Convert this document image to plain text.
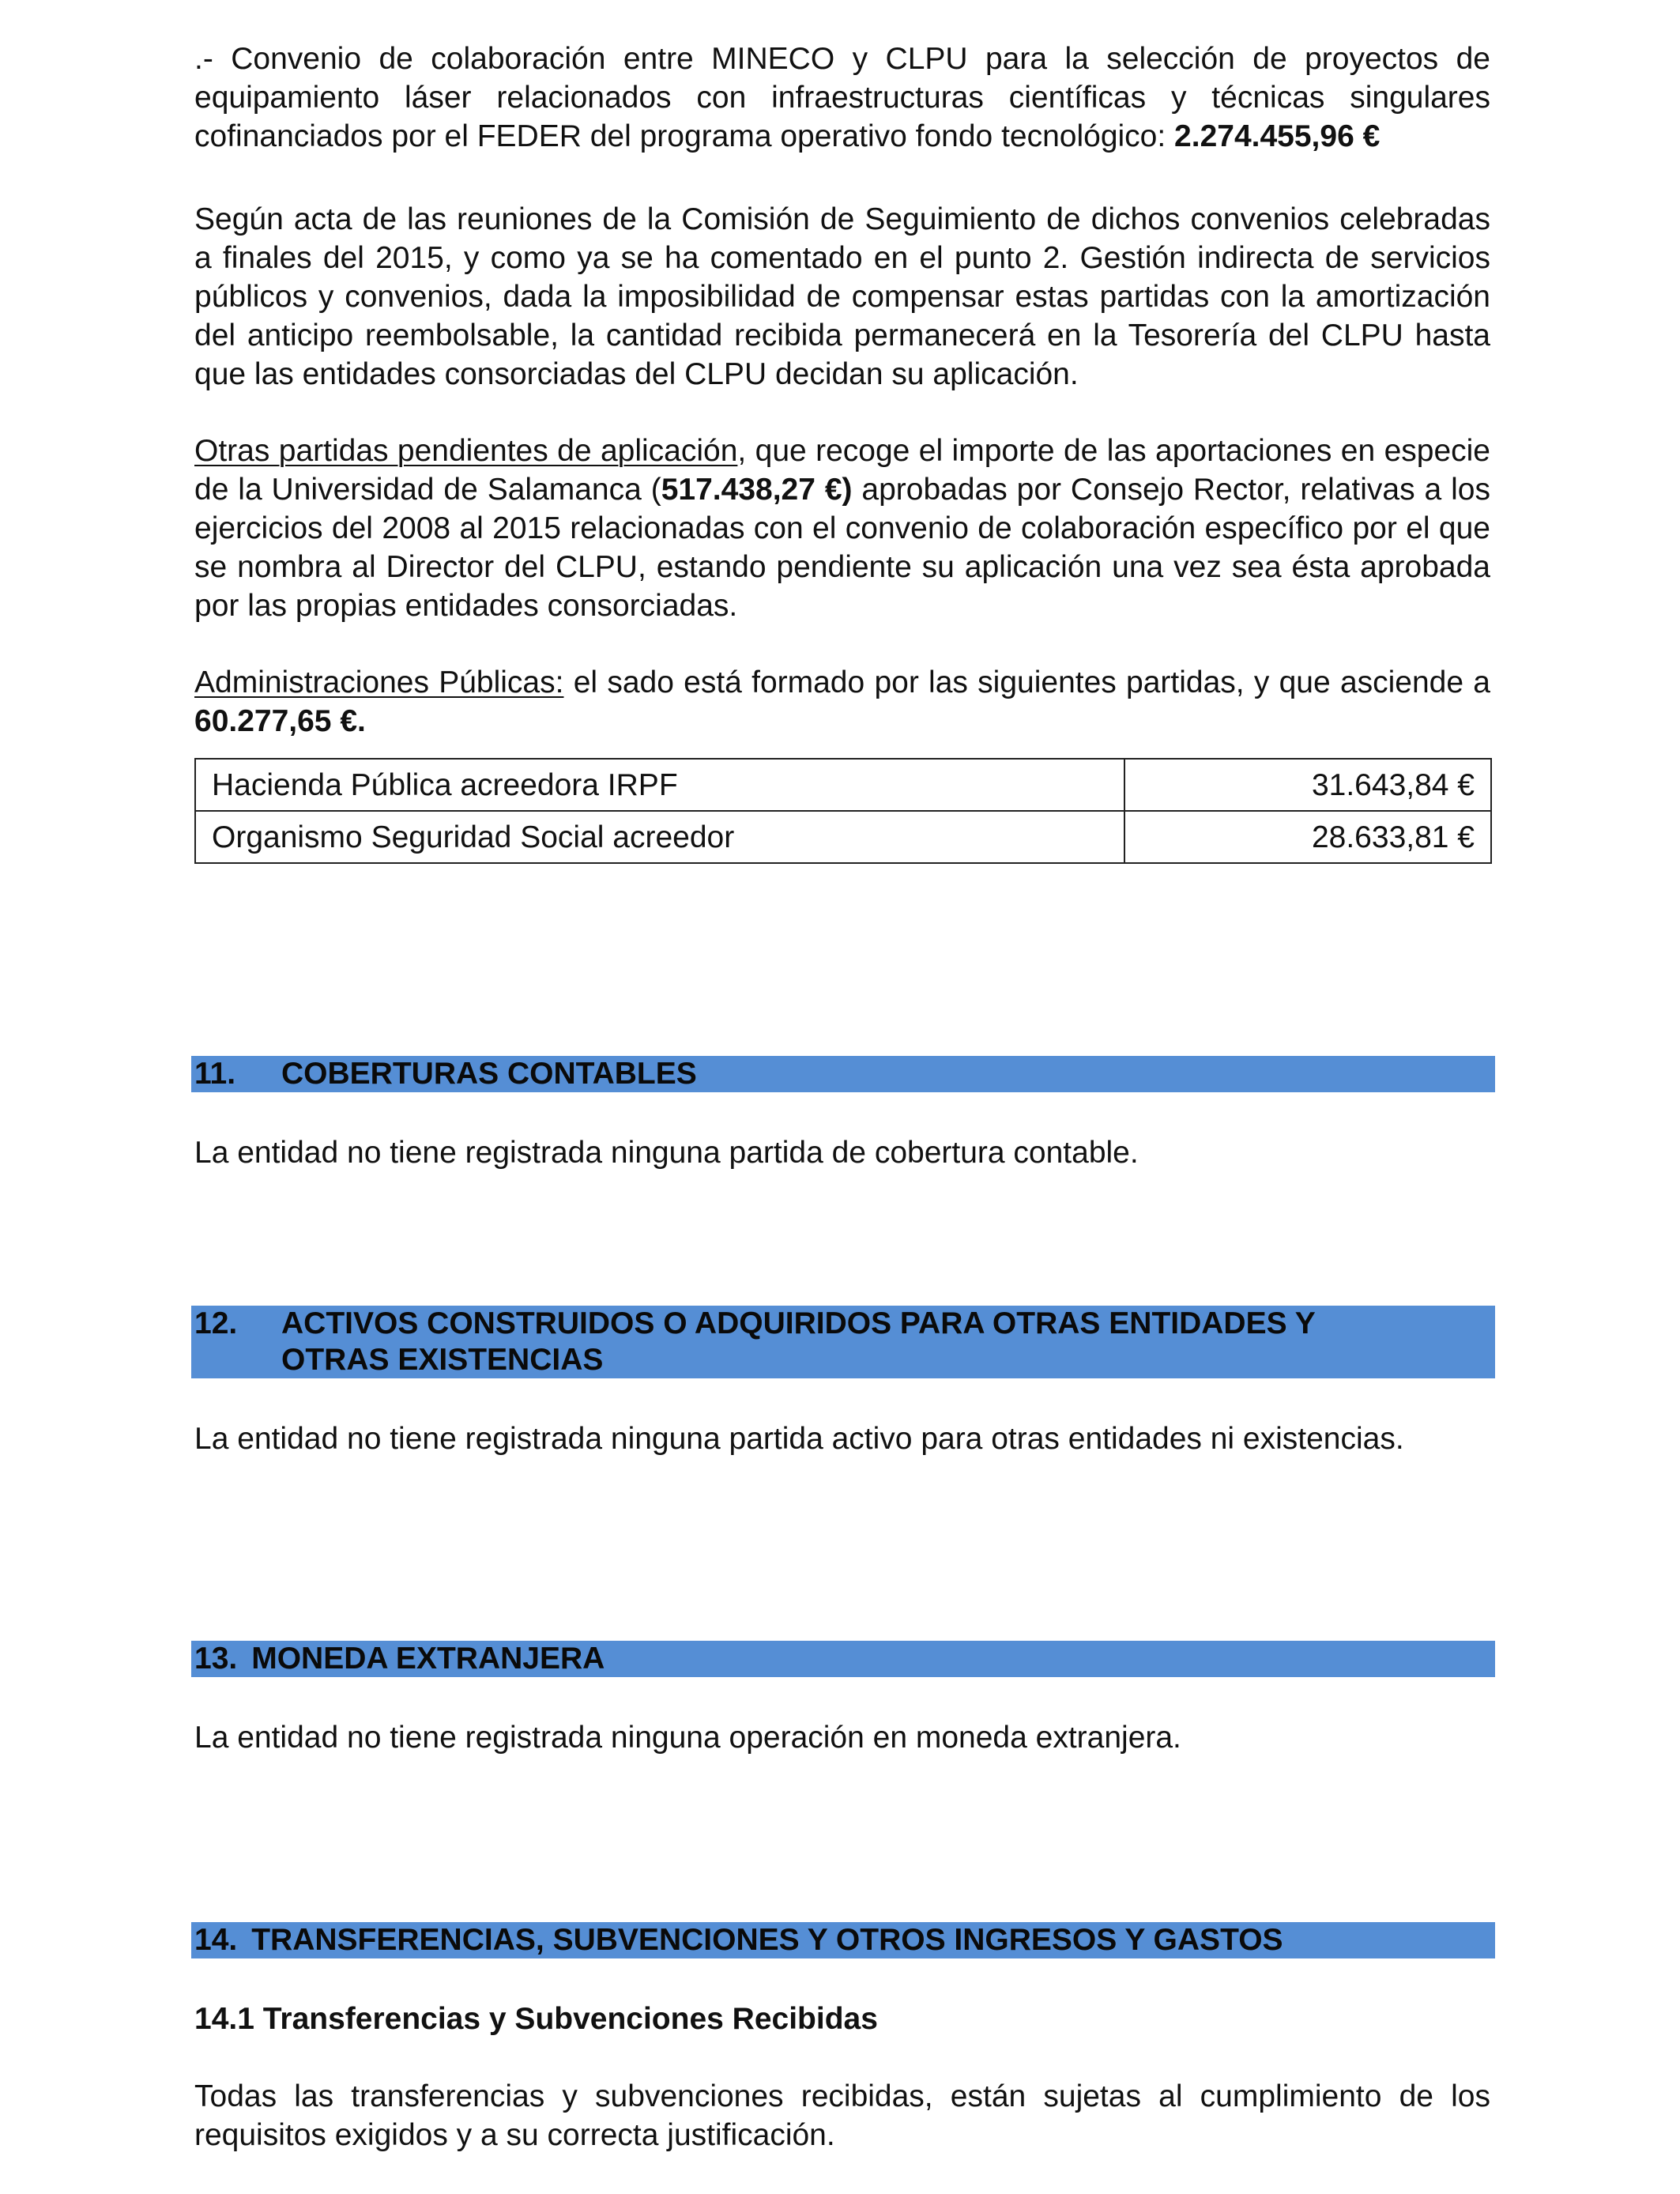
.- Convenio de colaboración entre MINECO y CLPU para la selección de proyectos de equipamiento láser relacionados con infraestructuras científicas y técnicas singulares cofinanciados por el FEDER del programa operativo fondo tecnológico: 2.274.455,96 €

Según acta de las reuniones de la Comisión de Seguimiento de dichos convenios celebradas a finales del 2015, y como ya se ha comentado en el punto 2. Gestión indirecta de servicios públicos y convenios, dada la imposibilidad de compensar estas partidas con la amortización del anticipo reembolsable, la cantidad recibida permanecerá en la Tesorería del CLPU hasta que las entidades consorciadas del CLPU decidan su aplicación.

Otras partidas pendientes de aplicación, que recoge el importe de las aportaciones en especie de la Universidad de Salamanca (517.438,27 €) aprobadas por Consejo Rector, relativas a los ejercicios del 2008 al 2015 relacionadas con el convenio de colaboración específico por el que se nombra al Director del CLPU, estando pendiente su aplicación una vez sea ésta aprobada por las propias entidades consorciadas.

Administraciones Públicas: el sado está formado por las siguientes partidas, y que asciende a 60.277,65 €.

Hacienda Pública acreedora IRPF	31.643,84 €
Organismo Seguridad Social acreedor	28.633,81 €
11. COBERTURAS CONTABLES
La entidad no tiene registrada ninguna partida de cobertura contable.
12. ACTIVOS CONSTRUIDOS O ADQUIRIDOS PARA OTRAS ENTIDADES Y
OTRAS EXISTENCIAS

La entidad no tiene registrada ninguna partida activo para otras entidades ni existencias.

13. MONEDA EXTRANJERA
La entidad no tiene registrada ninguna operación en moneda extranjera.
14. TRANSFERENCIAS, SUBVENCIONES Y OTROS INGRESOS Y GASTOS
14.1 Transferencias y Subvenciones Recibidas

Todas las transferencias y subvenciones recibidas, están sujetas al cumplimiento de los requisitos exigidos y a su correcta justificación.
